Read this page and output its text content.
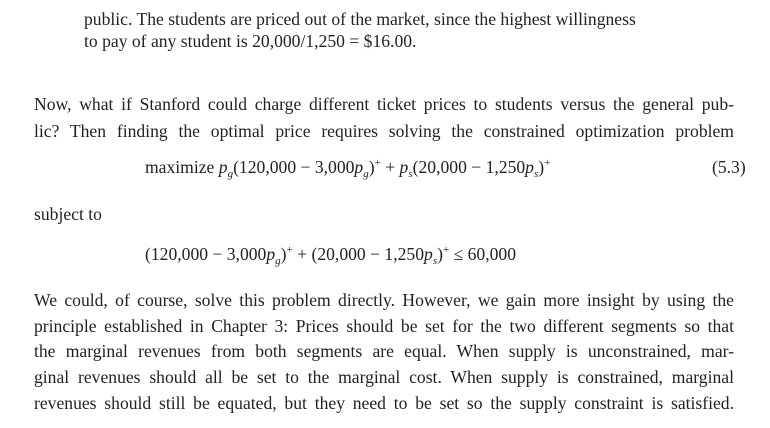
public. The students are priced out of the market, since the highest willingness
to pay of any student is 20,000/1,250 = $16.00.
Now, what if Stanford could charge different ticket prices to students versus the general pub-
lic? Then finding the optimal price requires solving the constrained optimization problem
maximize $p_g(120,000 - 3,000p_g)^+ + p_s(20,000 - 1,250p_s)^+$	(5.3)
subject to
$(120,000 - 3,000p_g)^+ + (20,000 - 1,250p_s)^+ \le 60,000$
We could, of course, solve this problem directly. However, we gain more insight by using the
principle established in Chapter 3: Prices should be set for the two different segments so that
the marginal revenues from both segments are equal. When supply is unconstrained, mar-
ginal revenues should all be set to the marginal cost. When supply is constrained, marginal
revenues should still be equated, but they need to be set so the supply constraint is satisfied.
